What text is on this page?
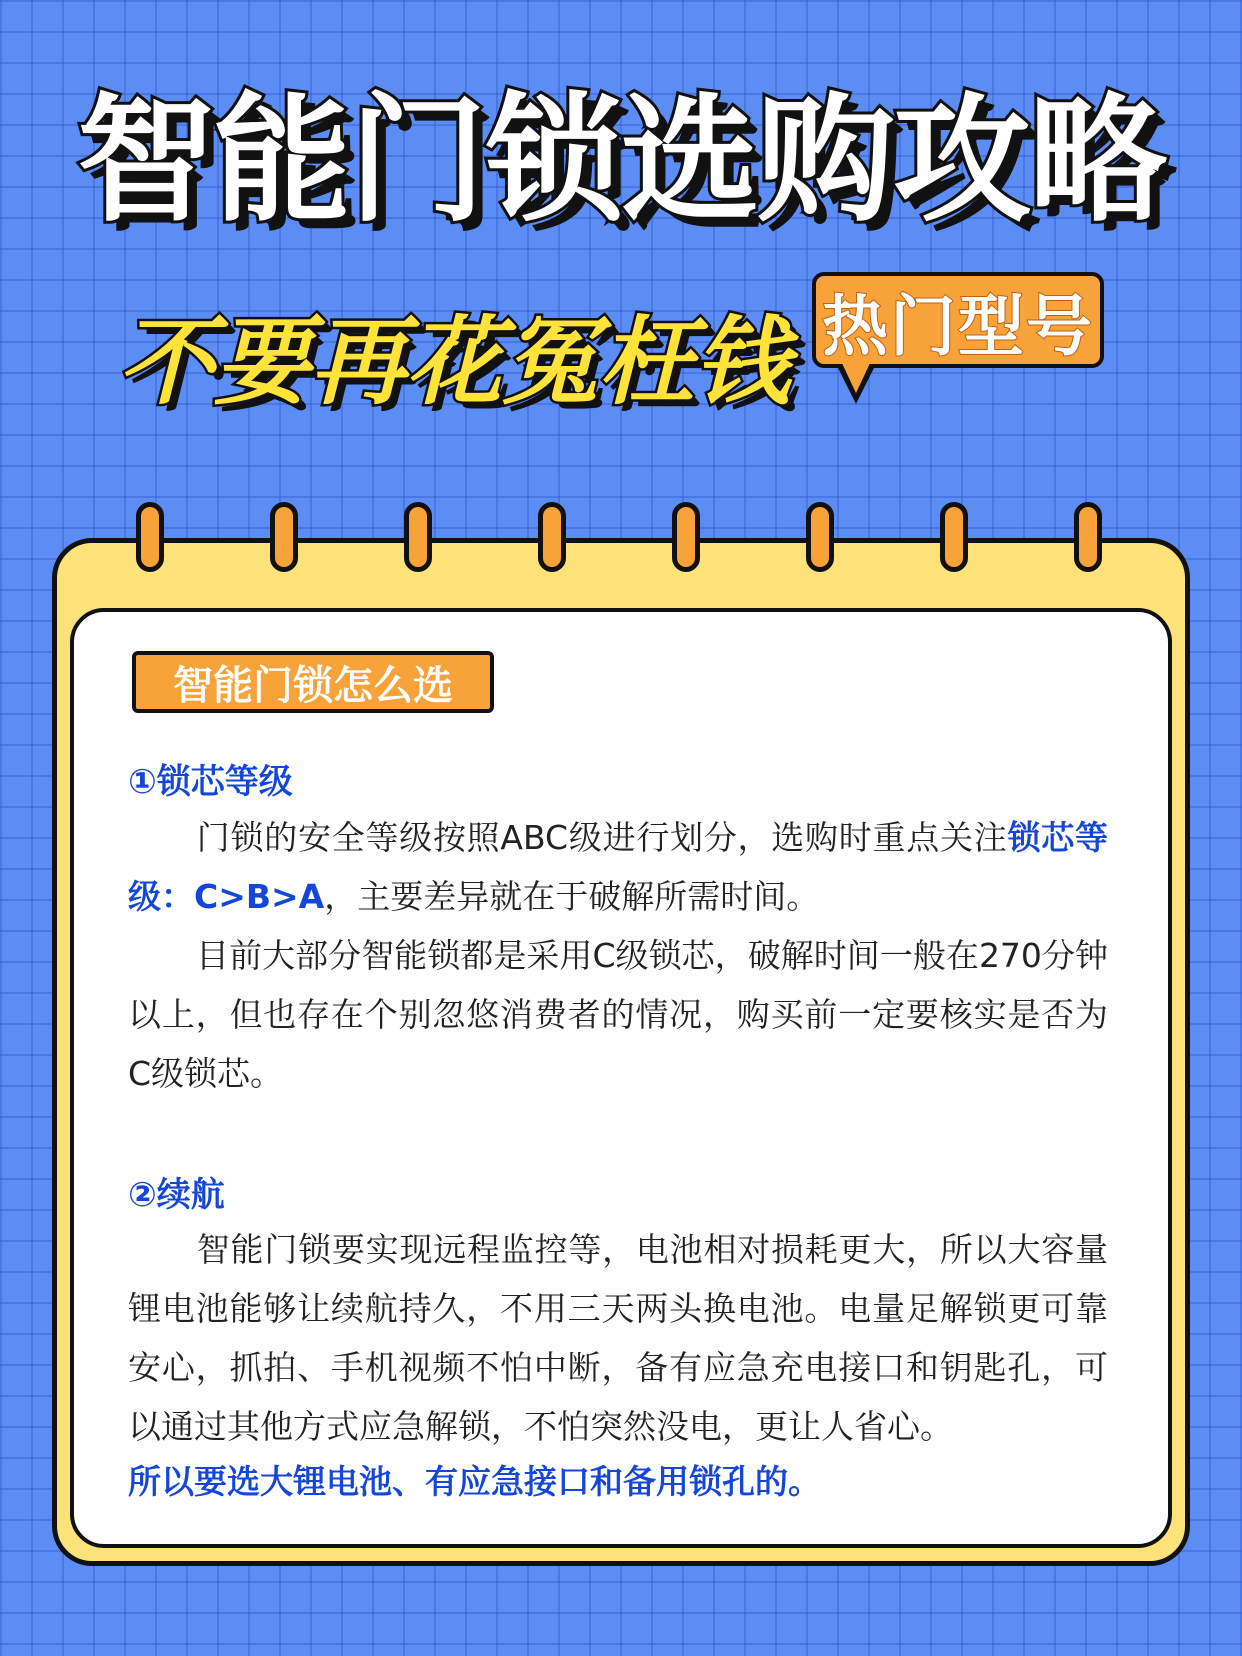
智能门锁选购攻略
不要再花冤枉钱 热门型号
智能门锁怎么选
①锁芯等级

门锁的安全等级按照ABC级进行划分，选购时重点关注锁芯等级：C>B>A，主要差异就在于破解所需时间。

目前大部分智能锁都是采用C级锁芯，破解时间一般在270分钟以上，但也存在个别忽悠消费者的情况，购买前一定要核实是否为C级锁芯。

②续航

智能门锁要实现远程监控等，电池相对损耗更大，所以大容量锂电池能够让续航持久，不用三天两头换电池。电量足解锁更可靠安心，抓拍、手机视频不怕中断，备有应急充电接口和钥匙孔，可以通过其他方式应急解锁，不怕突然没电，更让人省心。

所以要选大锂电池、有应急接口和备用锁孔的。
